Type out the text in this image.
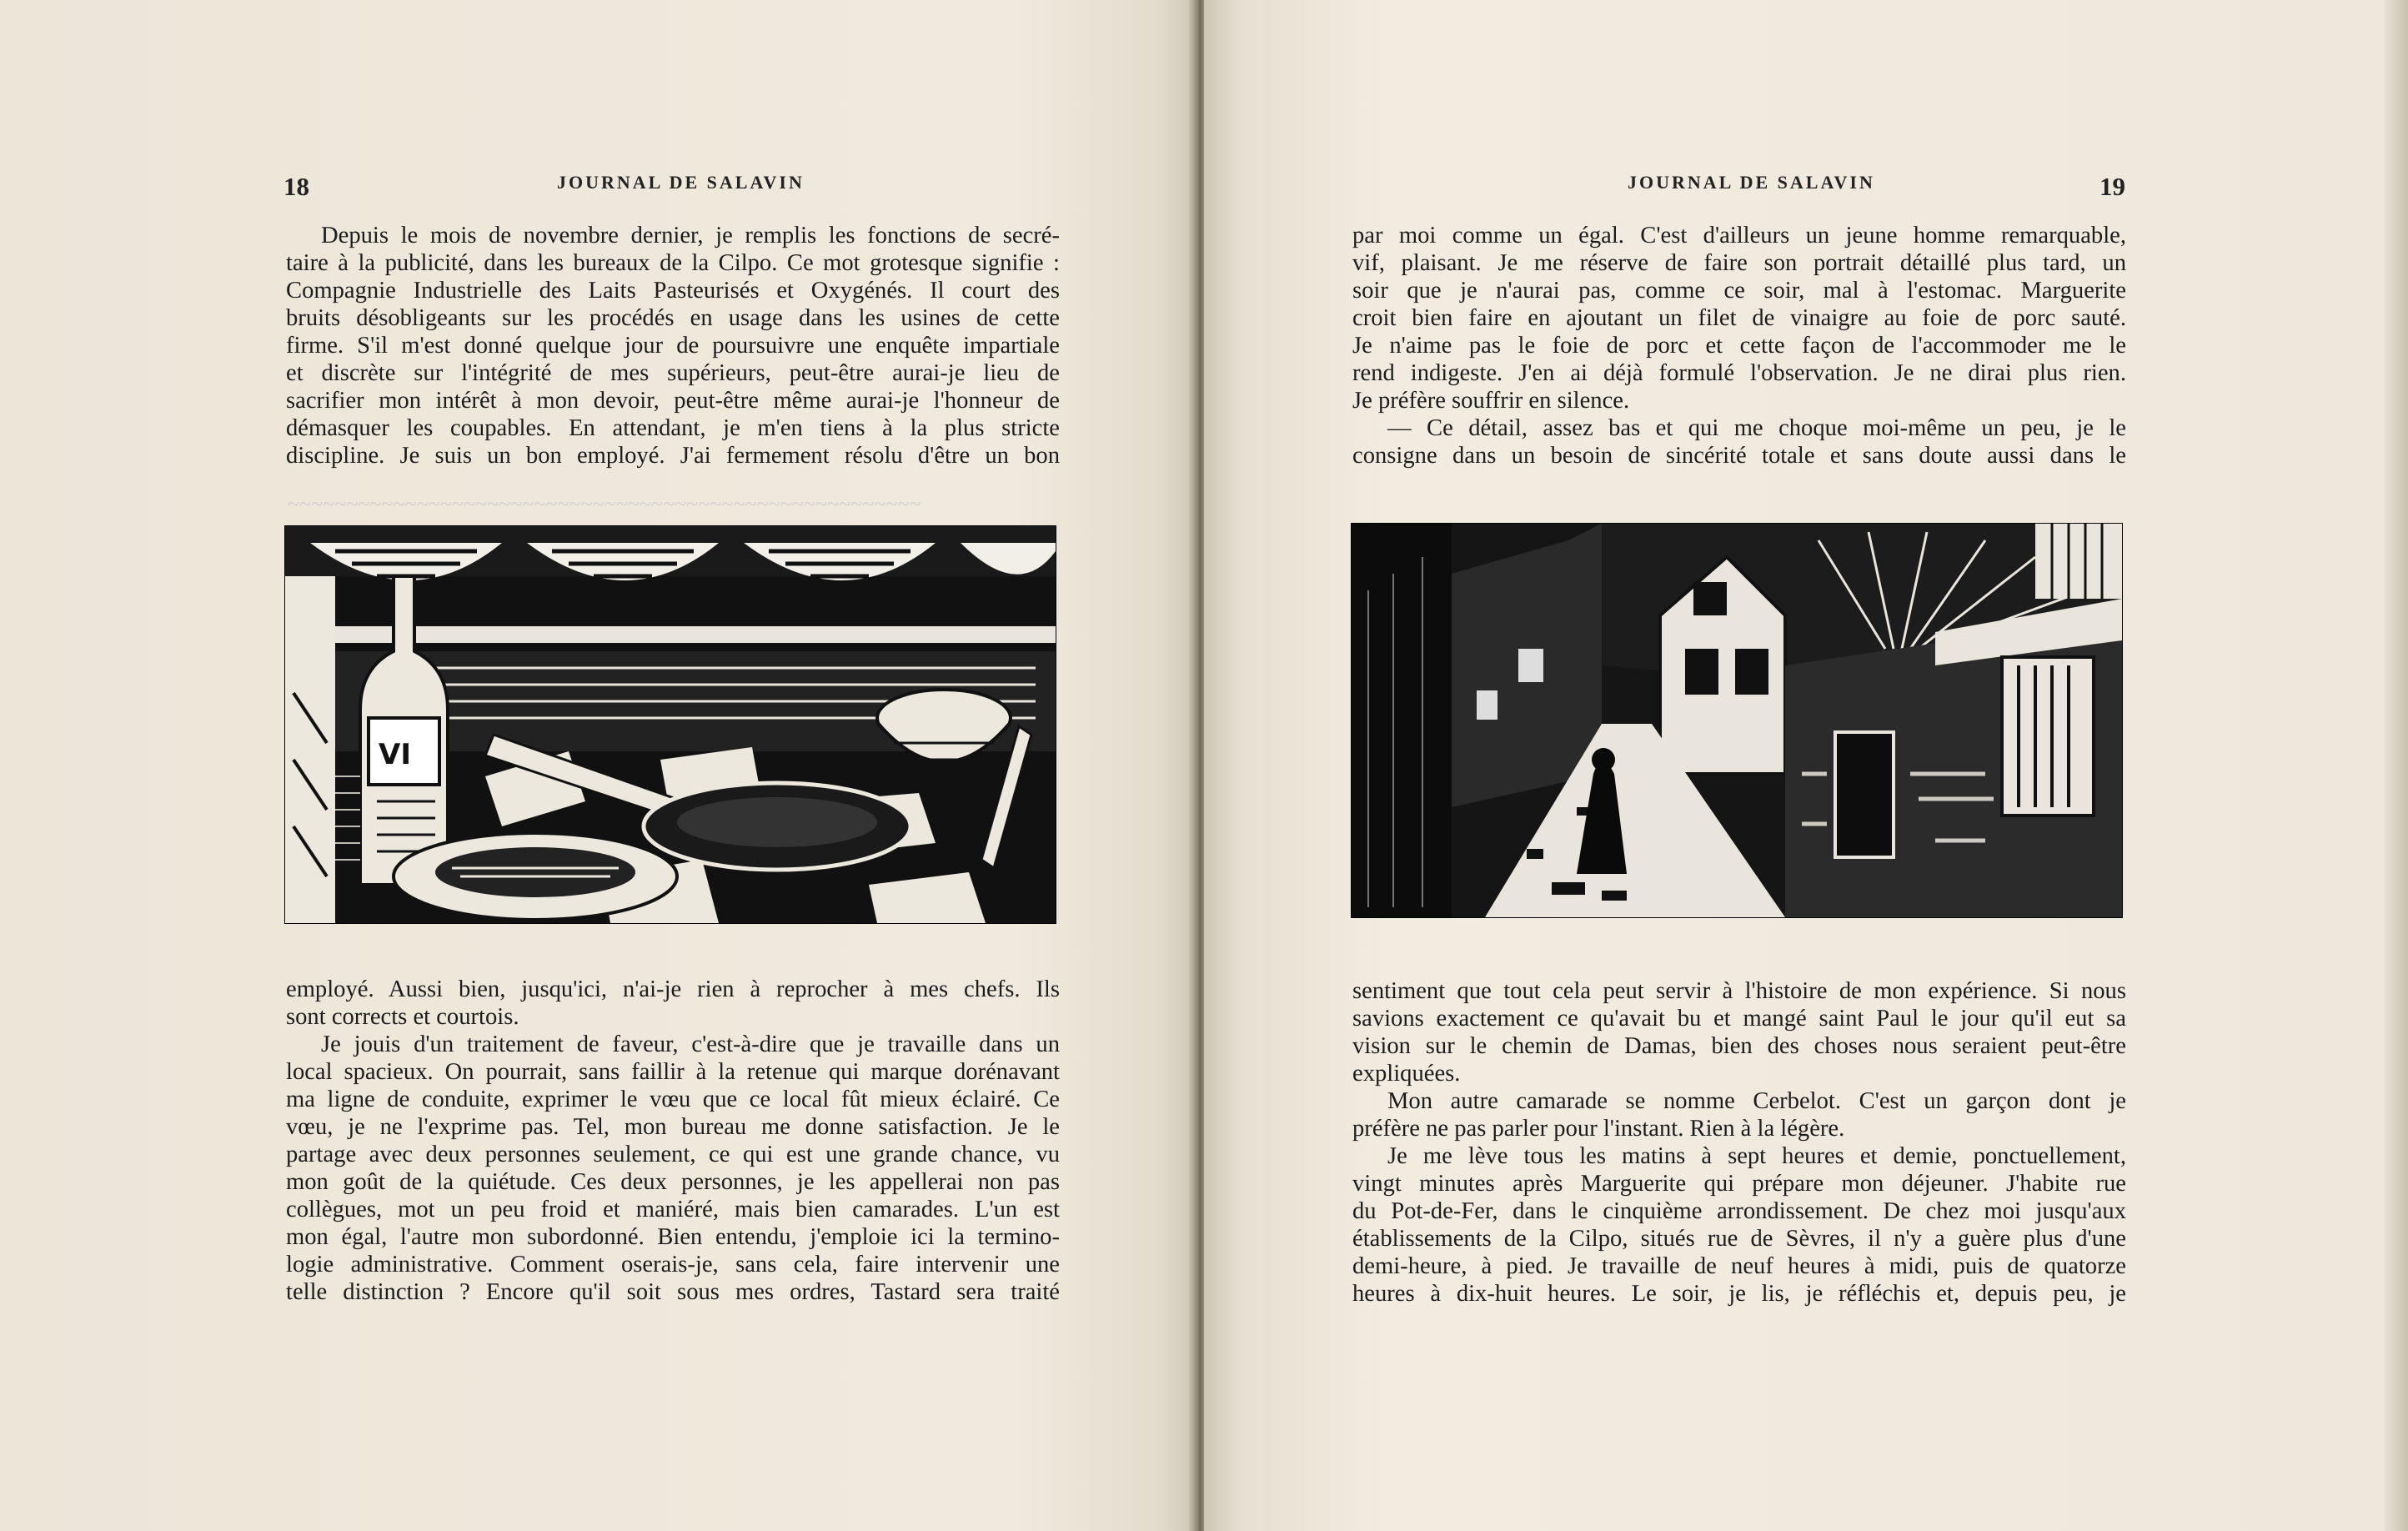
~~~~~~~~~~~~~~~~~~~~~~~~~~~~~~~~~~~~~~~~~~~~~~~~~~~~~~
18	JOURNAL DE SALAVIN

Depuis le mois de novembre dernier, je remplis les fonctions de secré-

taire à la publicité, dans les bureaux de la Cilpo. Ce mot grotesque signifie :

Compagnie Industrielle des Laits Pasteurisés et Oxygénés. Il court des

bruits désobligeants sur les procédés en usage dans les usines de cette

firme. S'il m'est donné quelque jour de poursuivre une enquête impartiale

et discrète sur l'intégrité de mes supérieurs, peut-être aurai-je lieu de

sacrifier mon intérêt à mon devoir, peut-être même aurai-je l'honneur de

démasquer les coupables. En attendant, je m'en tiens à la plus stricte

discipline. Je suis un bon employé. J'ai fermement résolu d'être un bon

VI

employé. Aussi bien, jusqu'ici, n'ai-je rien à reprocher à mes chefs. Ils

sont corrects et courtois.

Je jouis d'un traitement de faveur, c'est-à-dire que je travaille dans un

local spacieux. On pourrait, sans faillir à la retenue qui marque dorénavant

ma ligne de conduite, exprimer le vœu que ce local fût mieux éclairé. Ce

vœu, je ne l'exprime pas. Tel, mon bureau me donne satisfaction. Je le

partage avec deux personnes seulement, ce qui est une grande chance, vu

mon goût de la quiétude. Ces deux personnes, je les appellerai non pas

collègues, mot un peu froid et maniéré, mais bien camarades. L'un est

mon égal, l'autre mon subordonné. Bien entendu, j'emploie ici la termino-

logie administrative. Comment oserais-je, sans cela, faire intervenir une

telle distinction ? Encore qu'il soit sous mes ordres, Tastard sera traité

JOURNAL DE SALAVIN	19

par moi comme un égal. C'est d'ailleurs un jeune homme remarquable,

vif, plaisant. Je me réserve de faire son portrait détaillé plus tard, un

soir que je n'aurai pas, comme ce soir, mal à l'estomac. Marguerite

croit bien faire en ajoutant un filet de vinaigre au foie de porc sauté.

Je n'aime pas le foie de porc et cette façon de l'accommoder me le

rend indigeste. J'en ai déjà formulé l'observation. Je ne dirai plus rien.

Je préfère souffrir en silence.

— Ce détail, assez bas et qui me choque moi-même un peu, je le

consigne dans un besoin de sincérité totale et sans doute aussi dans le

sentiment que tout cela peut servir à l'histoire de mon expérience. Si nous

savions exactement ce qu'avait bu et mangé saint Paul le jour qu'il eut sa

vision sur le chemin de Damas, bien des choses nous seraient peut-être

expliquées.

Mon autre camarade se nomme Cerbelot. C'est un garçon dont je

préfère ne pas parler pour l'instant. Rien à la légère.

Je me lève tous les matins à sept heures et demie, ponctuellement,

vingt minutes après Marguerite qui prépare mon déjeuner. J'habite rue

du Pot-de-Fer, dans le cinquième arrondissement. De chez moi jusqu'aux

établissements de la Cilpo, situés rue de Sèvres, il n'y a guère plus d'une

demi-heure, à pied. Je travaille de neuf heures à midi, puis de quatorze

heures à dix-huit heures. Le soir, je lis, je réfléchis et, depuis peu, je
